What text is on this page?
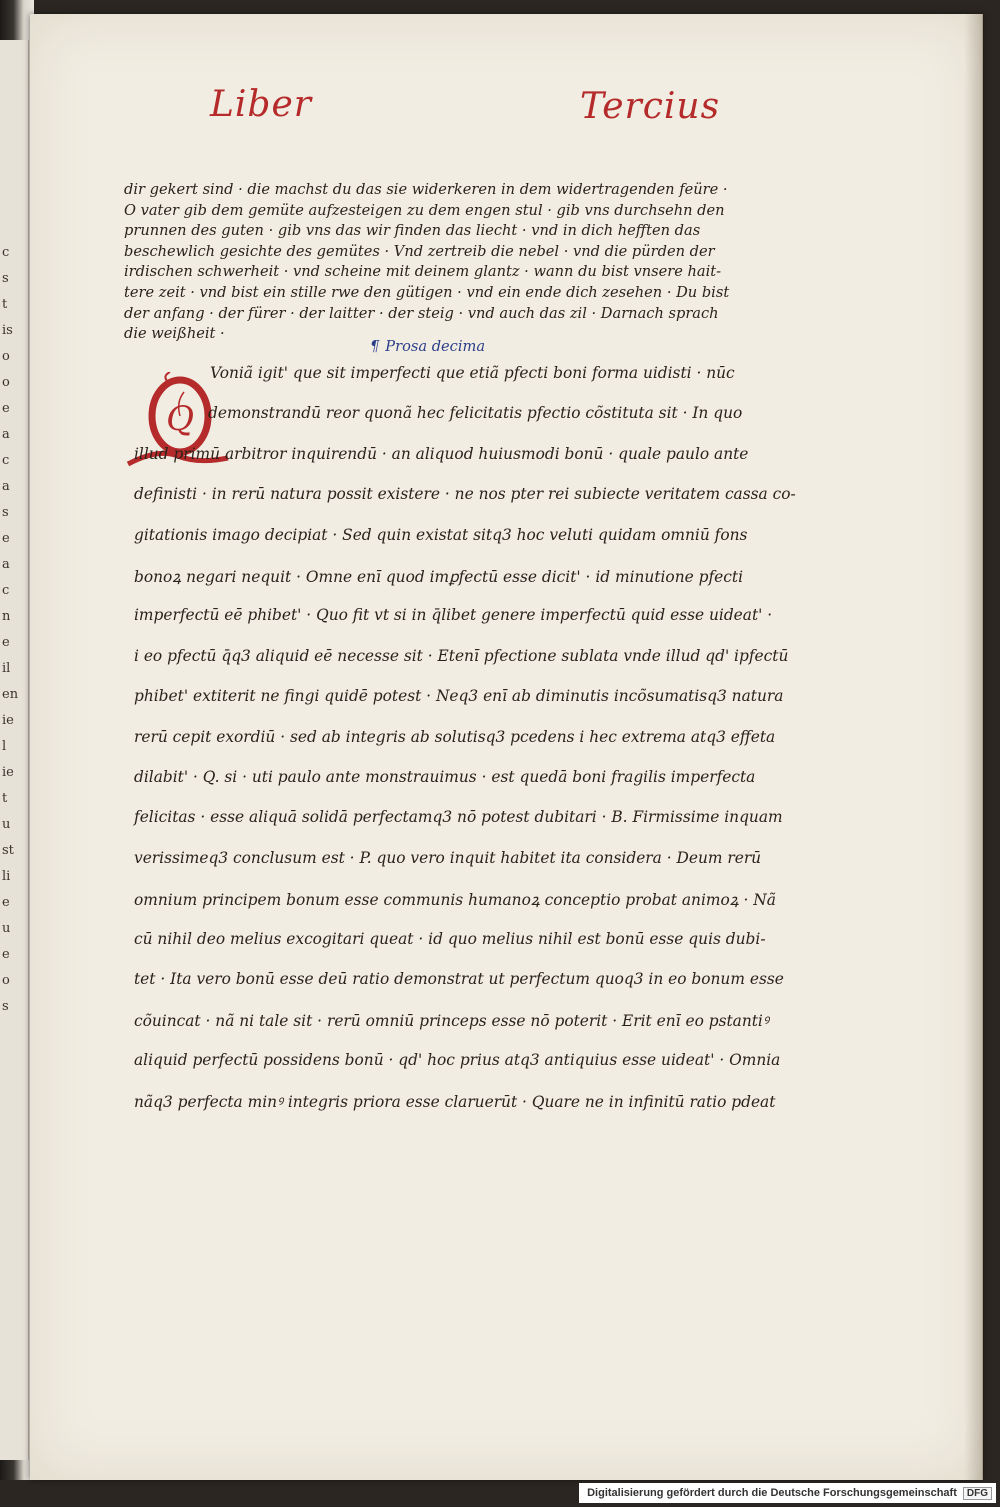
c
s
t
is
o
o
e
a
c
a
s
e
a
c
n
e
il
en
ie
l
ie
t
u
st
li
e
u
e
o
s
Liber	Tercius
dir gekert sind · die machst du das sie widerkeren in dem widertragenden feüre ·
O vater gib dem gemüte aufzesteigen zu dem engen stul · gib vns durchsehn den
prunnen des guten · gib vns das wir finden das liecht · vnd in dich hefften das
beschewlich gesichte des gemütes · Vnd zertreib die nebel · vnd die pürden der
irdischen schwerheit · vnd scheine mit deinem glantz · wann du bist vnsere hait-
tere zeit · vnd bist ein stille rwe den gütigen · vnd ein ende dich zesehen · Du bist
der anfang · der fürer · der laitter · der steig · vnd auch das zil · Darnach sprach
die weißheit ·
¶ Prosa decima
Q
Voniã igit' que sit imperfecti que etiã pfecti boni forma uidisti · nūc
demonstrandū reor quonã hec felicitatis pfectio cõstituta sit · In quo
illud primū arbitror inquirendū · an aliquod huiusmodi bonū · quale paulo ante
definisti · in rerū natura possit existere · ne nos pter rei subiecte veritatem cassa co-
gitationis imago decipiat · Sed quin existat sitq3 hoc veluti quidam omniū fons
bonoꝝ negari nequit · Omne enī quod imꝑfectū esse dicit' · id minutione pfecti
imperfectū eē phibet' · Quo fit vt si in q̄libet genere imperfectū quid esse uideat' ·
i eo pfectū q̄q3 aliquid eē necesse sit · Etenī pfectione sublata vnde illud qd' ipfectū
phibet' extiterit ne fingi quidē potest · Neq3 enī ab diminutis incõsumatisq3 natura
rerū cepit exordiū · sed ab integris ab solutisq3 pcedens i hec extrema atq3 effeta
dilabit' · Q. si · uti paulo ante monstrauimus · est quedā boni fragilis imperfecta
felicitas · esse aliquā solidā perfectamq3 nō potest dubitari · B. Firmissime inquam
verissimeq3 conclusum est · P. quo vero inquit habitet ita considera · Deum rerū
omnium principem bonum esse communis humanoꝝ conceptio probat animoꝝ · Nã
cū nihil deo melius excogitari queat · id quo melius nihil est bonū esse quis dubi-
tet · Ita vero bonū esse deū ratio demonstrat ut perfectum quoq3 in eo bonum esse
cõuincat · nã ni tale sit · rerū omniū princeps esse nō poterit · Erit enī eo pstantiꝰ
aliquid perfectū possidens bonū · qd' hoc prius atq3 antiquius esse uideat' · Omnia
nãq3 perfecta minꝰ integris priora esse claruerūt · Quare ne in infinitū ratio pdeat
Digitalisierung gefördert durch die Deutsche Forschungsgemeinschaft	DFG
